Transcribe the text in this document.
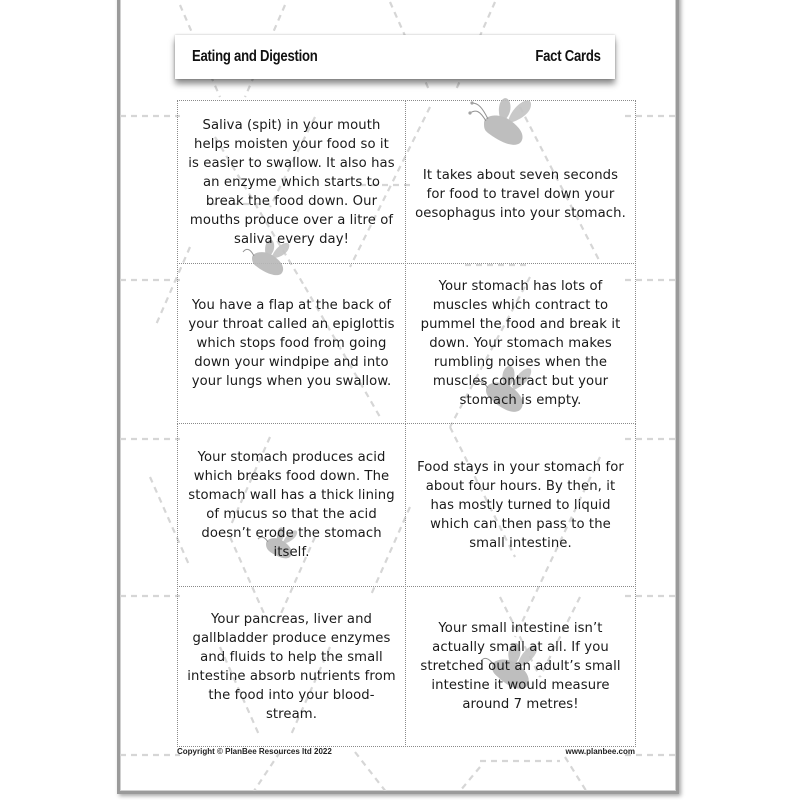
Eating and Digestion	Fact Cards

Saliva (spit) in your mouth helps moisten your food so it is easier to swallow. It also has an enzyme which starts to break the food down. Our mouths produce over a litre of saliva every day!

It takes about seven seconds for food to travel down your oesophagus into your stomach.

You have a flap at the back of your throat called an epiglottis which stops food from going down your windpipe and into your lungs when you swallow.

Your stomach has lots of muscles which contract to pummel the food and break it down. Your stomach makes rumbling noises when the muscles contract but your stomach is empty.

Your stomach produces acid which breaks food down. The stomach wall has a thick lining of mucus so that the acid doesn’t erode the stomach itself.

Food stays in your stomach for about four hours. By then, it has mostly turned to liquid which can then pass to the small intestine.

Your pancreas, liver and gallbladder produce enzymes and fluids to help the small intestine absorb nutrients from the food into your blood-stream.

Your small intestine isn’t actually small at all. If you stretched out an adult’s small intestine it would measure around 7 metres!

Copyright © PlanBee Resources ltd 2022	www.planbee.com
